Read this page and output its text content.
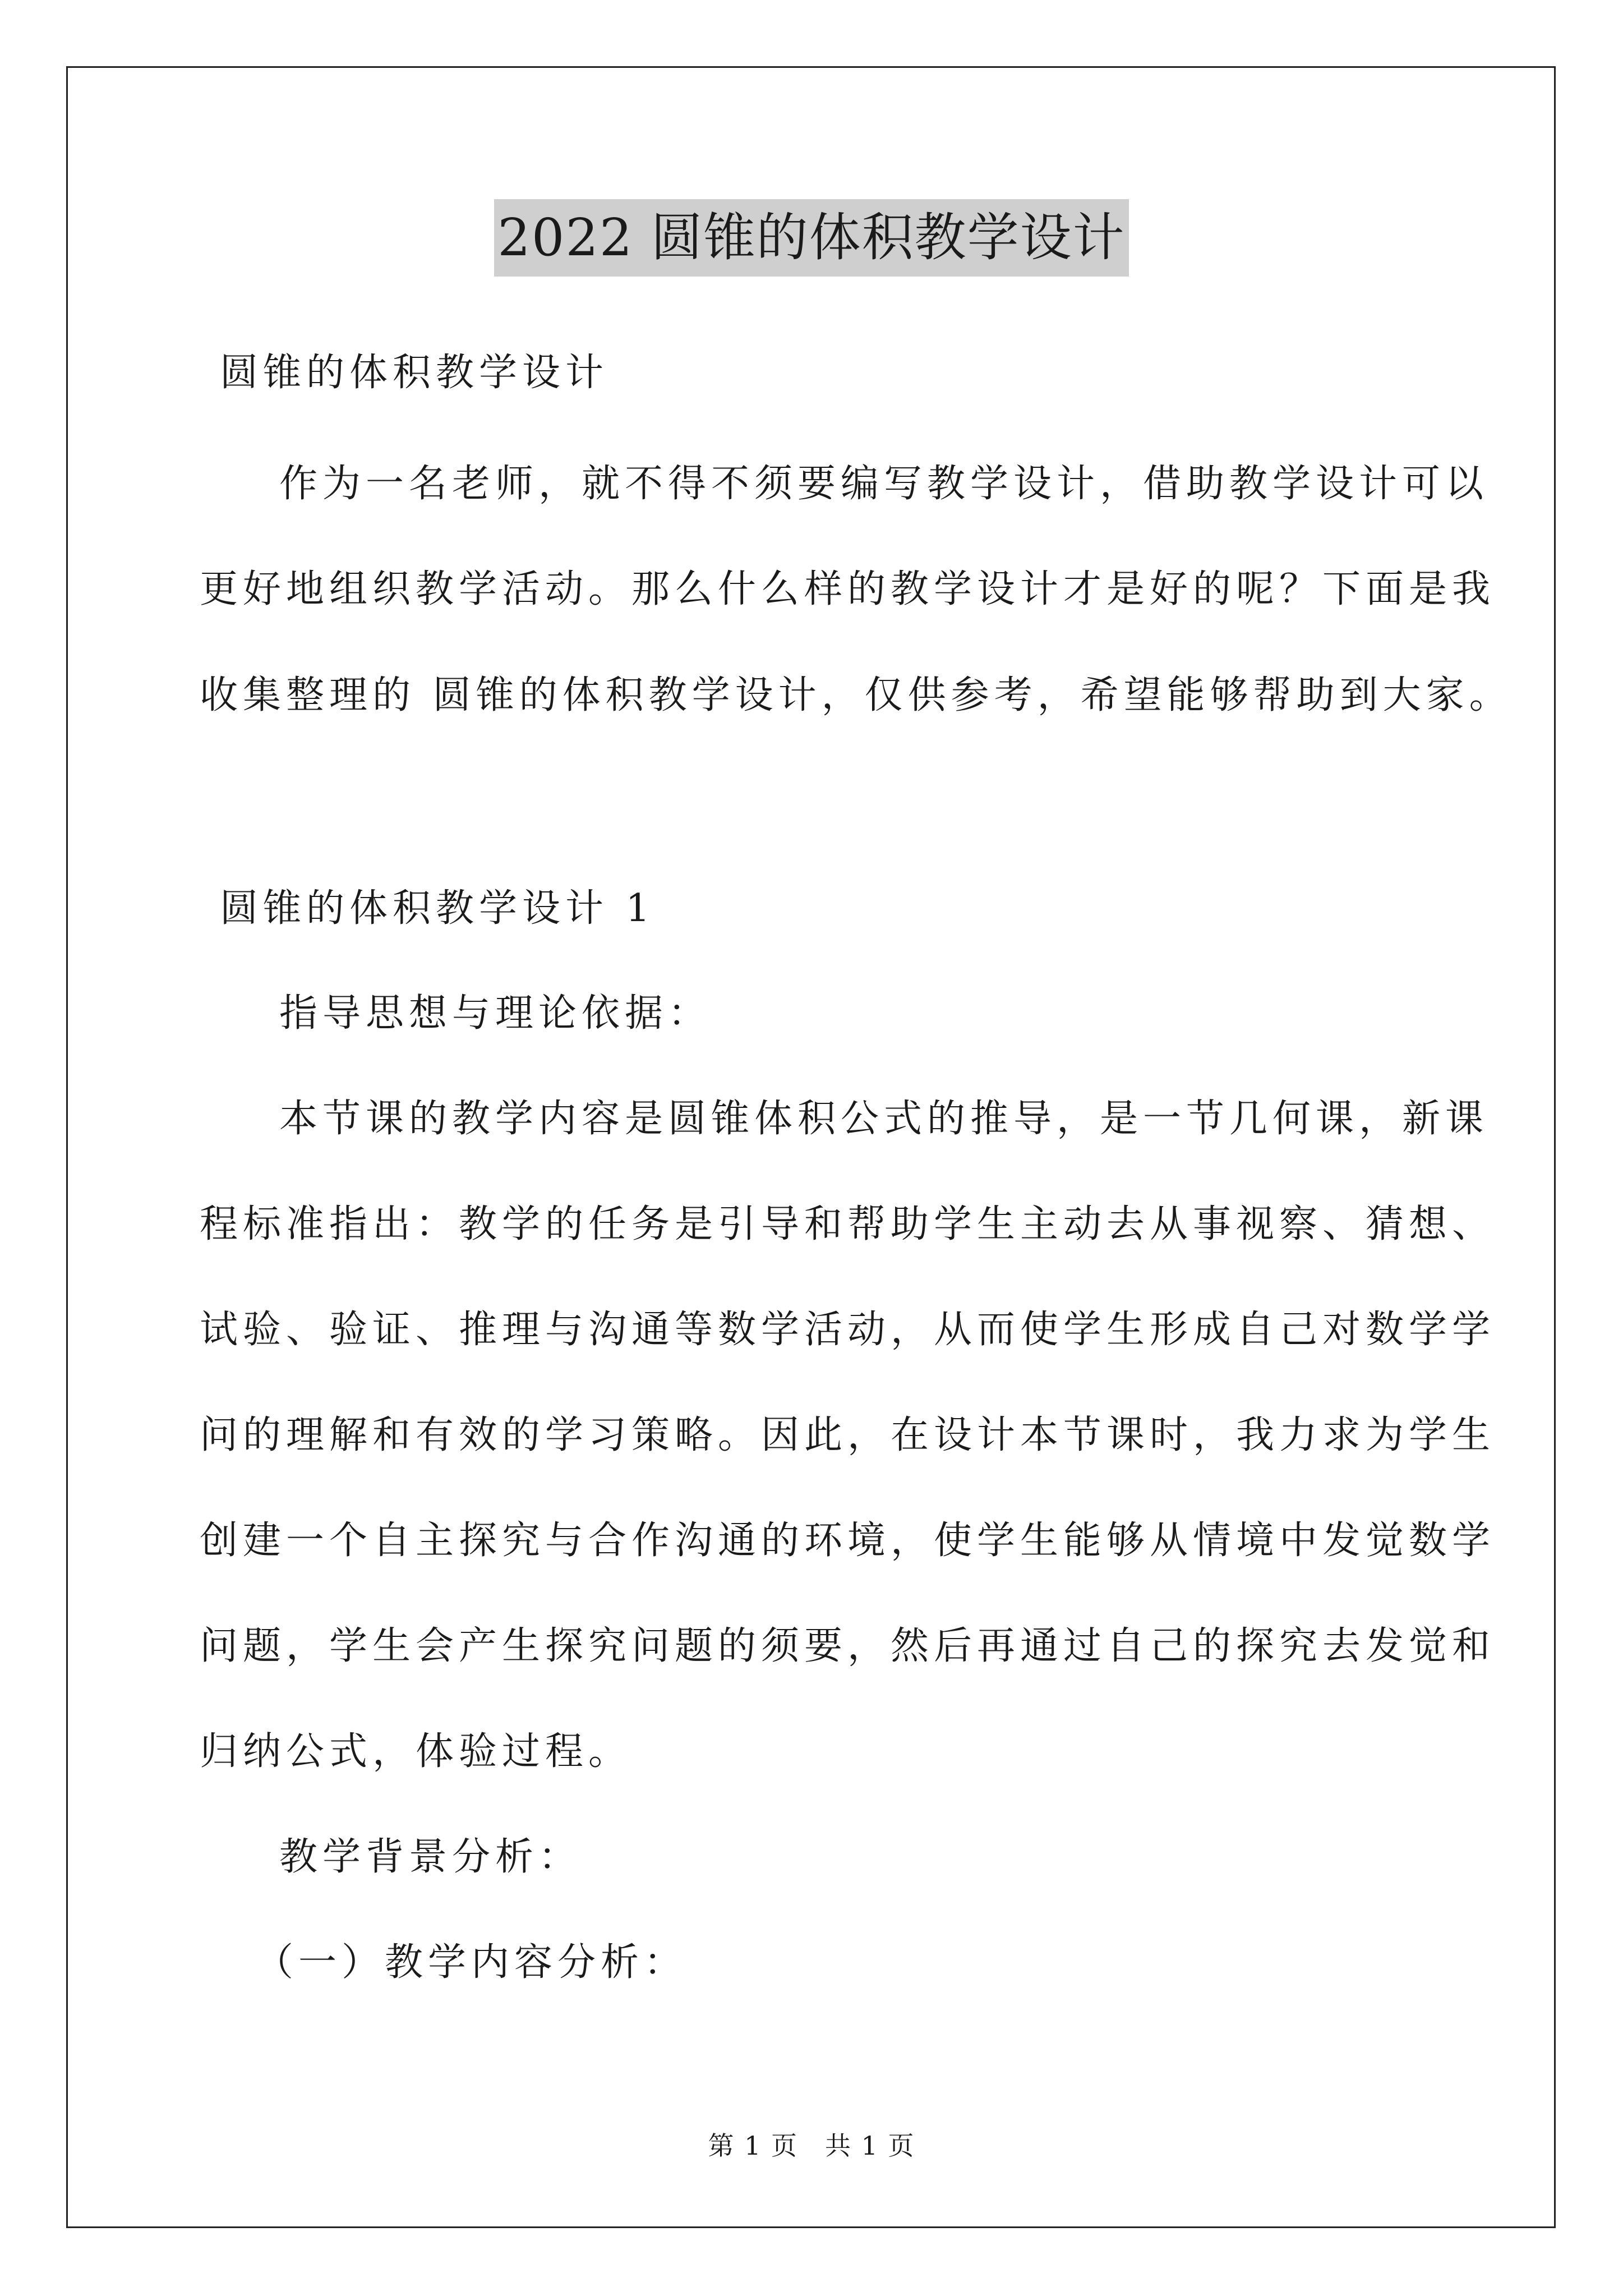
2022 圆锥的体积教学设计
圆锥的体积教学设计
作为一名老师，就不得不须要编写教学设计，借助教学设计可以
更好地组织教学活动。那么什么样的教学设计才是好的呢？下面是我
收集整理的 圆锥的体积教学设计，仅供参考，希望能够帮助到大家。
圆锥的体积教学设计 1
指导思想与理论依据：
本节课的教学内容是圆锥体积公式的推导，是一节几何课，新课
程标准指出：教学的任务是引导和帮助学生主动去从事视察、猜想、
试验、验证、推理与沟通等数学活动，从而使学生形成自己对数学学
问的理解和有效的学习策略。因此，在设计本节课时，我力求为学生
创建一个自主探究与合作沟通的环境，使学生能够从情境中发觉数学
问题，学生会产生探究问题的须要，然后再通过自己的探究去发觉和
归纳公式，体验过程。
教学背景分析：
（一）教学内容分析：
第 1 页　共 1 页
